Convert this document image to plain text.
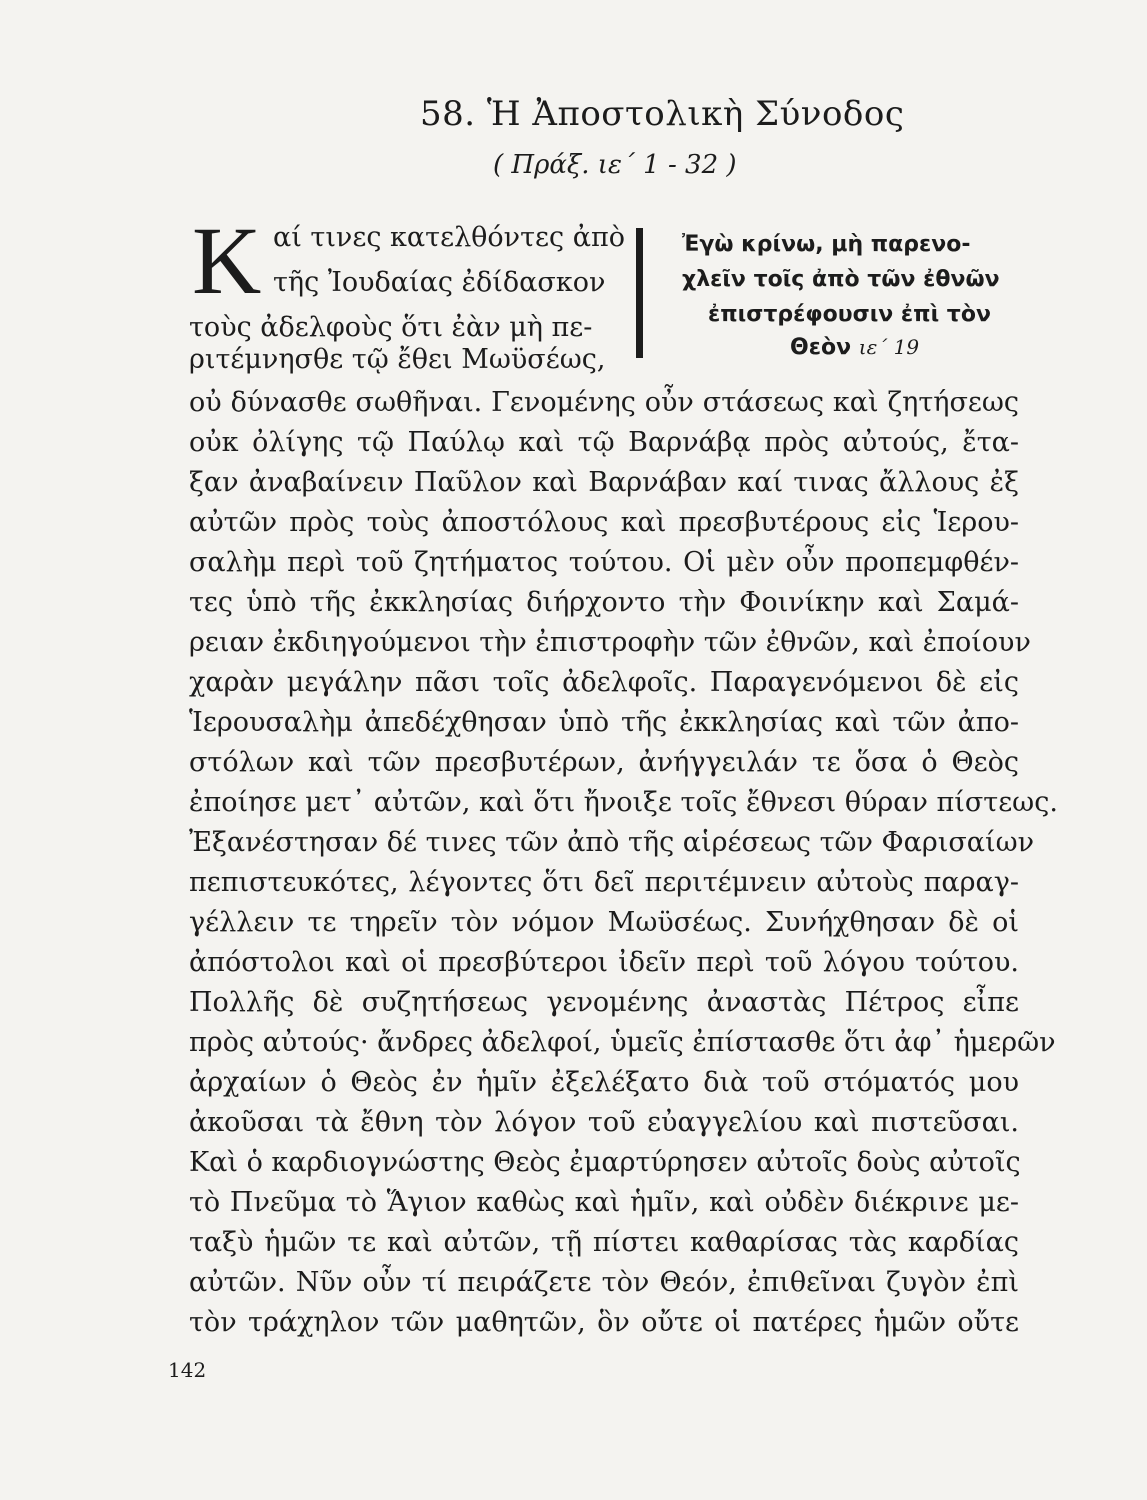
58. Ἡ Ἀποστολικὴ Σύνοδος
( Πράξ. ιε΄ 1 - 32 )
Κ αί τινες κατελθόντες ἀπὸ
τῆς Ἰουδαίας ἐδίδασκον
τοὺς ἀδελφοὺς ὅτι ἐὰν μὴ πε-
ριτέμνησθε τῷ ἔθει Μωϋσέως,
Ἐγὼ κρίνω, μὴ παρενο-
χλεῖν τοῖς ἀπὸ τῶν ἐθνῶν
ἐπιστρέφουσιν ἐπὶ τὸν
Θεὸν ιε΄ 19
οὐ δύνασθε σωθῆναι. Γενομένης οὖν στάσεως καὶ ζητήσεως
οὐκ ὀλίγης τῷ Παύλῳ καὶ τῷ Βαρνάβᾳ πρὸς αὐτούς, ἔτα-
ξαν ἀναβαίνειν Παῦλον καὶ Βαρνάβαν καί τινας ἄλλους ἐξ
αὐτῶν πρὸς τοὺς ἀποστόλους καὶ πρεσβυτέρους εἰς Ἱερου-
σαλὴμ περὶ τοῦ ζητήματος τούτου. Οἱ μὲν οὖν προπεμφθέν-
τες ὑπὸ τῆς ἐκκλησίας διήρχοντο τὴν Φοινίκην καὶ Σαμά-
ρειαν ἐκδιηγούμενοι τὴν ἐπιστροφὴν τῶν ἐθνῶν, καὶ ἐποίουν
χαρὰν μεγάλην πᾶσι τοῖς ἀδελφοῖς. Παραγενόμενοι δὲ εἰς
Ἱερουσαλὴμ ἀπεδέχθησαν ὑπὸ τῆς ἐκκλησίας καὶ τῶν ἀπο-
στόλων καὶ τῶν πρεσβυτέρων, ἀνήγγειλάν τε ὅσα ὁ Θεὸς
ἐποίησε μετ᾽ αὐτῶν, καὶ ὅτι ἤνοιξε τοῖς ἔθνεσι θύραν πίστεως.
Ἐξανέστησαν δέ τινες τῶν ἀπὸ τῆς αἱρέσεως τῶν Φαρισαίων
πεπιστευκότες, λέγοντες ὅτι δεῖ περιτέμνειν αὐτοὺς παραγ-
γέλλειν τε τηρεῖν τὸν νόμον Μωϋσέως. Συνήχθησαν δὲ οἱ
ἀπόστολοι καὶ οἱ πρεσβύτεροι ἰδεῖν περὶ τοῦ λόγου τούτου.
Πολλῆς δὲ συζητήσεως γενομένης ἀναστὰς Πέτρος εἶπε
πρὸς αὐτούς· ἄνδρες ἀδελφοί, ὑμεῖς ἐπίστασθε ὅτι ἀφ᾽ ἡμερῶν
ἀρχαίων ὁ Θεὸς ἐν ἡμῖν ἐξελέξατο διὰ τοῦ στόματός μου
ἀκοῦσαι τὰ ἔθνη τὸν λόγον τοῦ εὐαγγελίου καὶ πιστεῦσαι.
Καὶ ὁ καρδιογνώστης Θεὸς ἐμαρτύρησεν αὐτοῖς δοὺς αὐτοῖς
τὸ Πνεῦμα τὸ Ἅγιον καθὼς καὶ ἡμῖν, καὶ οὐδὲν διέκρινε με-
ταξὺ ἡμῶν τε καὶ αὐτῶν, τῇ πίστει καθαρίσας τὰς καρδίας
αὐτῶν. Νῦν οὖν τί πειράζετε τὸν Θεόν, ἐπιθεῖναι ζυγὸν ἐπὶ
τὸν τράχηλον τῶν μαθητῶν, ὃν οὔτε οἱ πατέρες ἡμῶν οὔτε
142
